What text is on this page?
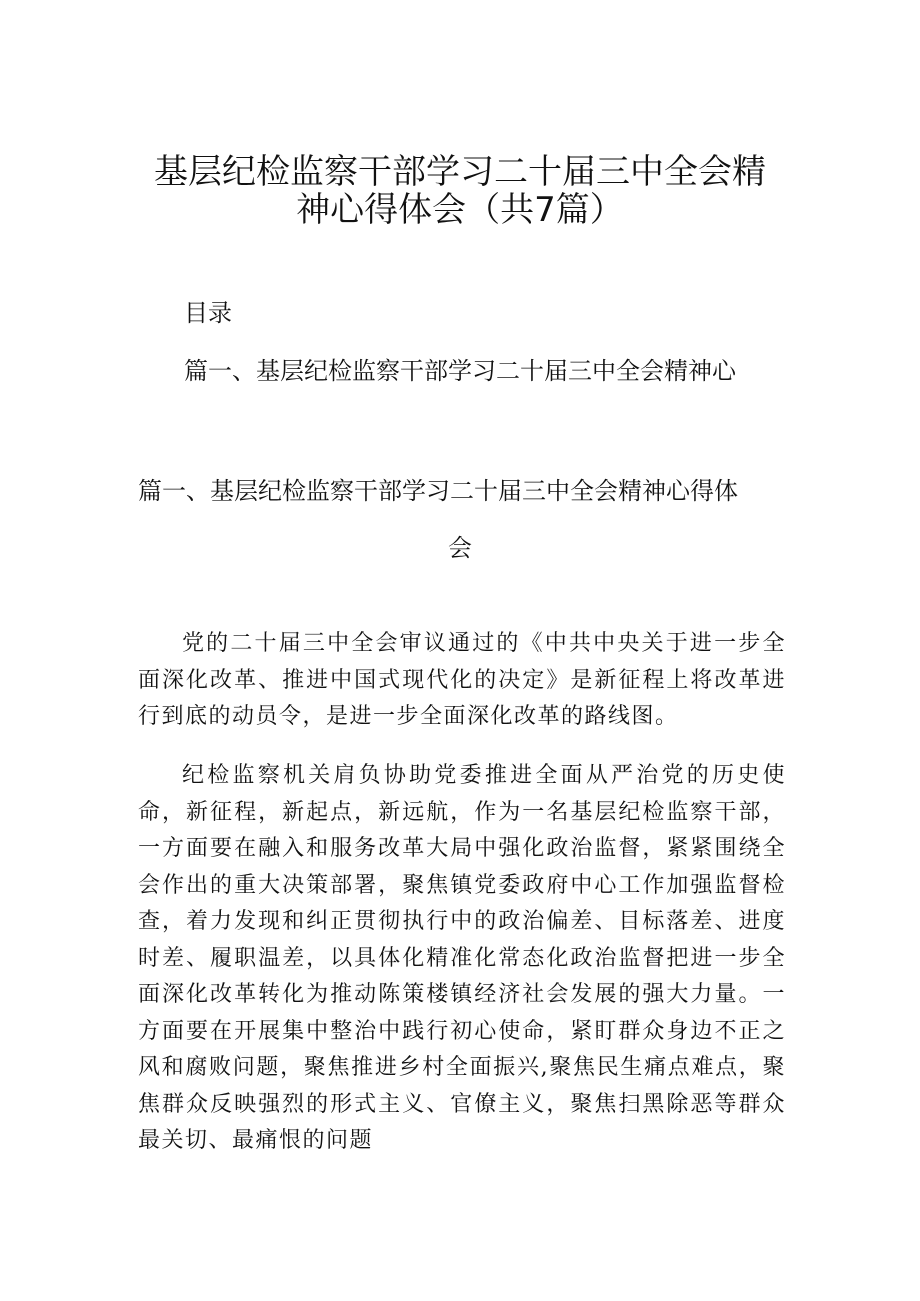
基层纪检监察干部学习二十届三中全会精
神心得体会（共7篇）
目录
篇一、基层纪检监察干部学习二十届三中全会精神心
篇一、基层纪检监察干部学习二十届三中全会精神心得体
会

党的二十届三中全会审议通过的《中共中央关于进一步全面深化改革、推进中国式现代化的决定》是新征程上将改革进行到底的动员令，是进一步全面深化改革的路线图。

纪检监察机关肩负协助党委推进全面从严治党的历史使命，新征程，新起点，新远航，作为一名基层纪检监察干部，一方面要在融入和服务改革大局中强化政治监督，紧紧围绕全会作出的重大决策部署，聚焦镇党委政府中心工作加强监督检查，着力发现和纠正贯彻执行中的政治偏差、目标落差、进度时差、履职温差，以具体化精准化常态化政治监督把进一步全面深化改革转化为推动陈策楼镇经济社会发展的强大力量。一方面要在开展集中整治中践行初心使命，紧盯群众身边不正之风和腐败问题，聚焦推进乡村全面振兴,聚焦民生痛点难点，聚焦群众反映强烈的形式主义、官僚主义，聚焦扫黑除恶等群众最关切、最痛恨的问题
